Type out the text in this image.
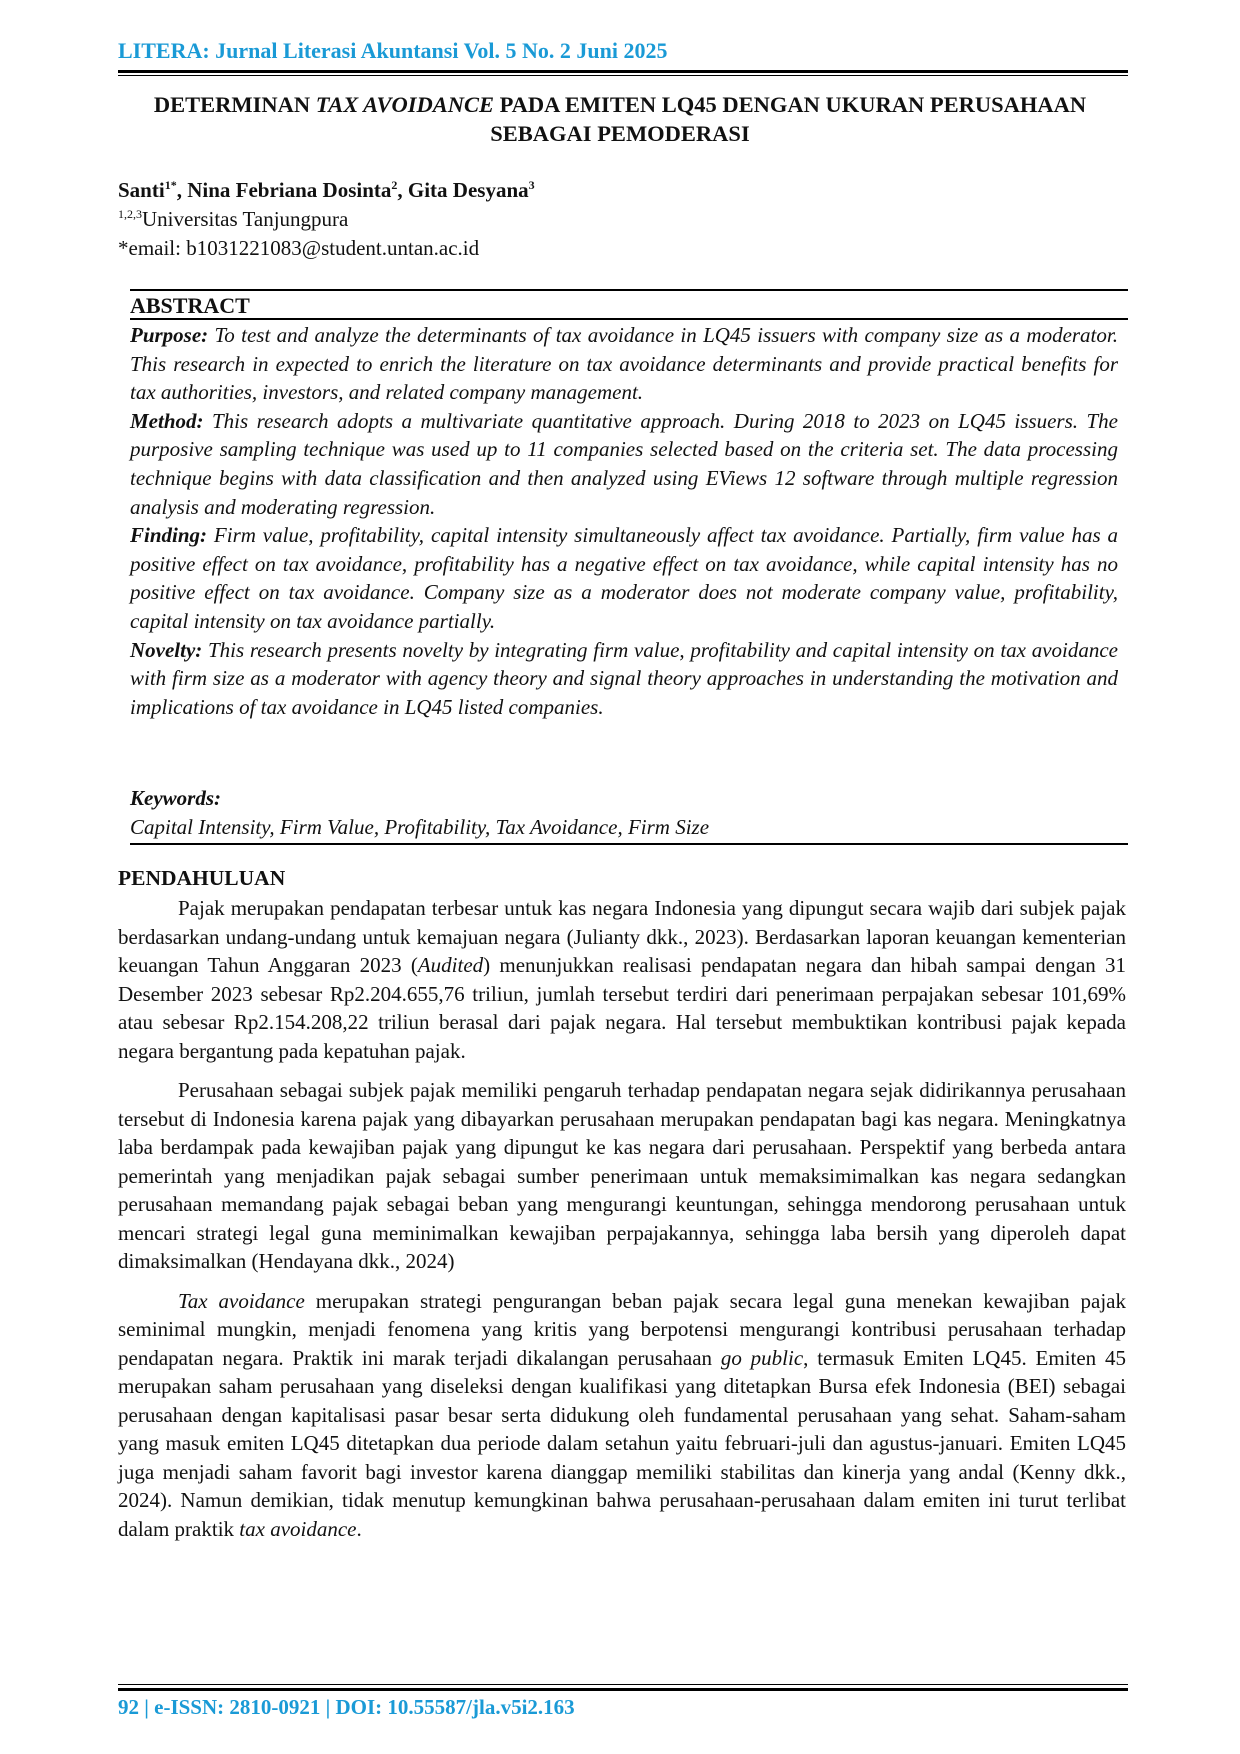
LITERA: Jurnal Literasi Akuntansi Vol. 5 No. 2 Juni 2025
DETERMINAN TAX AVOIDANCE PADA EMITEN LQ45 DENGAN UKURAN PERUSAHAAN SEBAGAI PEMODERASI
Santi$^{1*}$, Nina Febriana Dosinta$^2$, Gita Desyana$^3$
$^{1,2,3}$Universitas Tanjungpura
*email: b1031221083@student.untan.ac.id
ABSTRACT

Purpose: To test and analyze the determinants of tax avoidance in LQ45 issuers with company size as a moderator. This research in expected to enrich the literature on tax avoidance determinants and provide practical benefits for tax authorities, investors, and related company management.

Method: This research adopts a multivariate quantitative approach. During 2018 to 2023 on LQ45 issuers. The purposive sampling technique was used up to 11 companies selected based on the criteria set. The data processing technique begins with data classification and then analyzed using EViews 12 software through multiple regression analysis and moderating regression.

Finding: Firm value, profitability, capital intensity simultaneously affect tax avoidance. Partially, firm value has a positive effect on tax avoidance, profitability has a negative effect on tax avoidance, while capital intensity has no positive effect on tax avoidance. Company size as a moderator does not moderate company value, profitability, capital intensity on tax avoidance partially.

Novelty: This research presents novelty by integrating firm value, profitability and capital intensity on tax avoidance with firm size as a moderator with agency theory and signal theory approaches in understanding the motivation and implications of tax avoidance in LQ45 listed companies.

Keywords:
Capital Intensity, Firm Value, Profitability, Tax Avoidance, Firm Size
PENDAHULUAN

Pajak merupakan pendapatan terbesar untuk kas negara Indonesia yang dipungut secara wajib dari subjek pajak berdasarkan undang-undang untuk kemajuan negara (Julianty dkk., 2023). Berdasarkan laporan keuangan kementerian keuangan Tahun Anggaran 2023 (Audited) menunjukkan realisasi pendapatan negara dan hibah sampai dengan 31 Desember 2023 sebesar Rp2.204.655,76 triliun, jumlah tersebut terdiri dari penerimaan perpajakan sebesar 101,69% atau sebesar Rp2.154.208,22 triliun berasal dari pajak negara. Hal tersebut membuktikan kontribusi pajak kepada negara bergantung pada kepatuhan pajak.

Perusahaan sebagai subjek pajak memiliki pengaruh terhadap pendapatan negara sejak didirikannya perusahaan tersebut di Indonesia karena pajak yang dibayarkan perusahaan merupakan pendapatan bagi kas negara. Meningkatnya laba berdampak pada kewajiban pajak yang dipungut ke kas negara dari perusahaan. Perspektif yang berbeda antara pemerintah yang menjadikan pajak sebagai sumber penerimaan untuk memaksimimalkan kas negara sedangkan perusahaan memandang pajak sebagai beban yang mengurangi keuntungan, sehingga mendorong perusahaan untuk mencari strategi legal guna meminimalkan kewajiban perpajakannya, sehingga laba bersih yang diperoleh dapat dimaksimalkan (Hendayana dkk., 2024)

Tax avoidance merupakan strategi pengurangan beban pajak secara legal guna menekan kewajiban pajak seminimal mungkin, menjadi fenomena yang kritis yang berpotensi mengurangi kontribusi perusahaan terhadap pendapatan negara. Praktik ini marak terjadi dikalangan perusahaan go public, termasuk Emiten LQ45. Emiten 45 merupakan saham perusahaan yang diseleksi dengan kualifikasi yang ditetapkan Bursa efek Indonesia (BEI) sebagai perusahaan dengan kapitalisasi pasar besar serta didukung oleh fundamental perusahaan yang sehat. Saham-saham yang masuk emiten LQ45 ditetapkan dua periode dalam setahun yaitu februari-juli dan agustus-januari. Emiten LQ45 juga menjadi saham favorit bagi investor karena dianggap memiliki stabilitas dan kinerja yang andal (Kenny dkk., 2024). Namun demikian, tidak menutup kemungkinan bahwa perusahaan-perusahaan dalam emiten ini turut terlibat dalam praktik tax avoidance.

92 | e-ISSN: 2810-0921 | DOI: 10.55587/jla.v5i2.163
